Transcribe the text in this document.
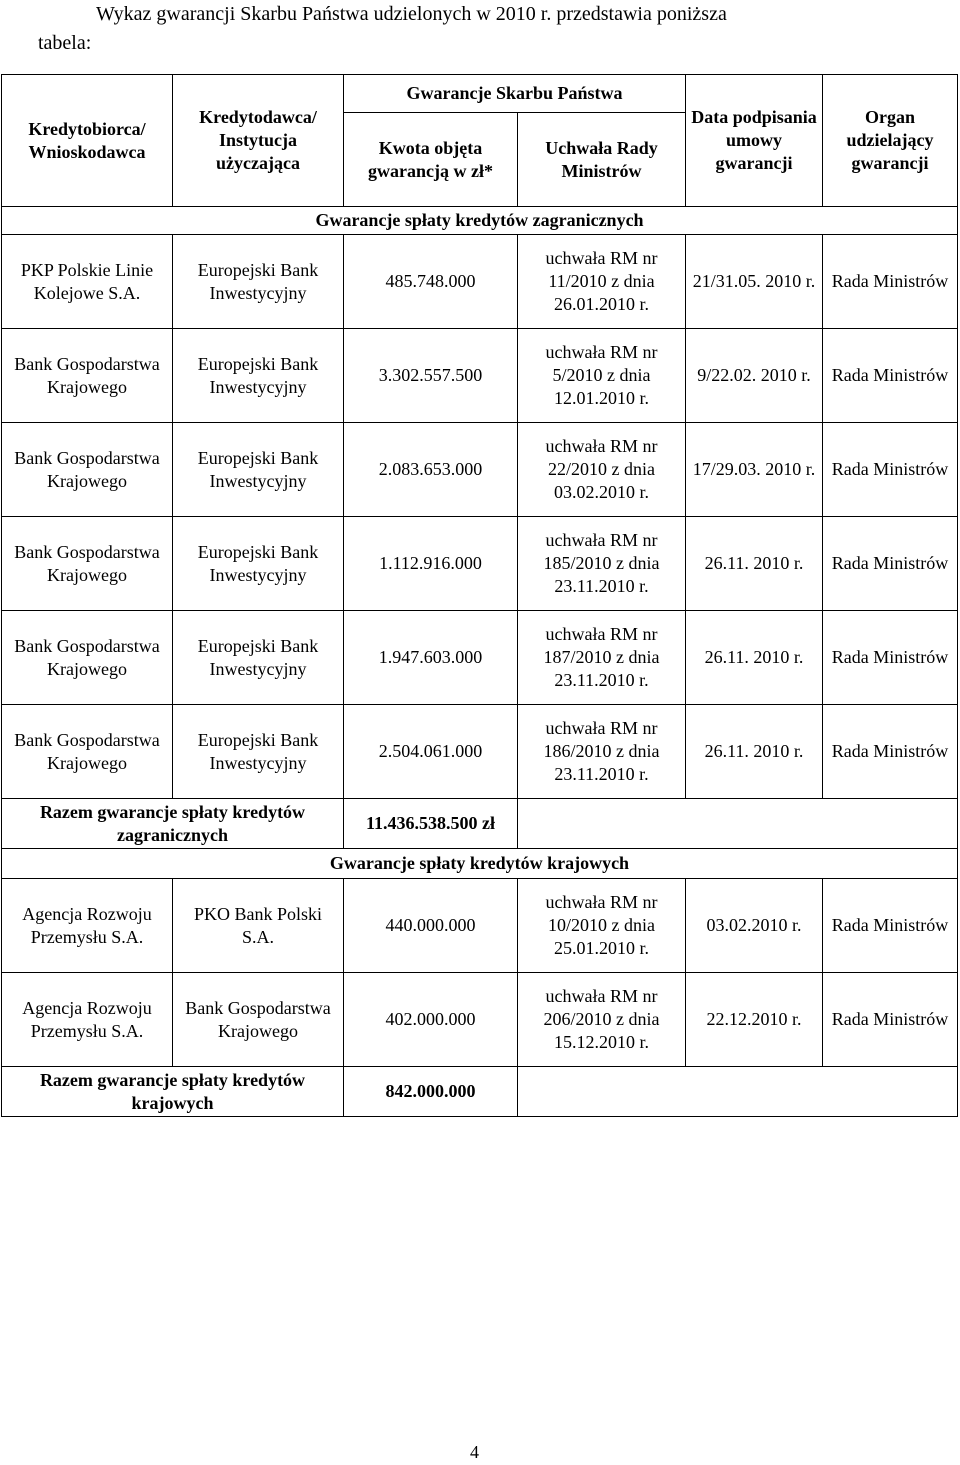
Wykaz gwarancji Skarbu Państwa udzielonych w 2010 r. przedstawia poniższa
tabela:
Kredytobiorca/ Wnioskodawca	Kredytodawca/ Instytucja użyczająca	Gwarancje Skarbu Państwa		Data podpisania umowy gwarancji	Organ udzielający gwarancji
		Kwota objęta gwarancją w zł*	Uchwała Rady Ministrów		
Gwarancje spłaty kredytów zagranicznych					
PKP Polskie Linie Kolejowe S.A.	Europejski Bank Inwestycyjny	485.748.000	uchwała RM nr 11/2010 z dnia 26.01.2010 r.	21/31.05. 2010 r.	Rada Ministrów
Bank Gospodarstwa Krajowego	Europejski Bank Inwestycyjny	3.302.557.500	uchwała RM nr 5/2010 z dnia 12.01.2010 r.	9/22.02. 2010 r.	Rada Ministrów
Bank Gospodarstwa Krajowego	Europejski Bank Inwestycyjny	2.083.653.000	uchwała RM nr 22/2010 z dnia 03.02.2010 r.	17/29.03. 2010 r.	Rada Ministrów
Bank Gospodarstwa Krajowego	Europejski Bank Inwestycyjny	1.112.916.000	uchwała RM nr 185/2010 z dnia 23.11.2010 r.	26.11. 2010 r.	Rada Ministrów
Bank Gospodarstwa Krajowego	Europejski Bank Inwestycyjny	1.947.603.000	uchwała RM nr 187/2010 z dnia 23.11.2010 r.	26.11. 2010 r.	Rada Ministrów
Bank Gospodarstwa Krajowego	Europejski Bank Inwestycyjny	2.504.061.000	uchwała RM nr 186/2010 z dnia 23.11.2010 r.	26.11. 2010 r.	Rada Ministrów
Razem gwarancje spłaty kredytów zagranicznych		11.436.538.500 zł			
Gwarancje spłaty kredytów krajowych					
Agencja Rozwoju Przemysłu S.A.	PKO Bank Polski S.A.	440.000.000	uchwała RM nr 10/2010 z dnia 25.01.2010 r.	03.02.2010 r.	Rada Ministrów
Agencja Rozwoju Przemysłu S.A.	Bank Gospodarstwa Krajowego	402.000.000	uchwała RM nr 206/2010 z dnia 15.12.2010 r.	22.12.2010 r.	Rada Ministrów
Razem gwarancje spłaty kredytów krajowych		842.000.000			
4
